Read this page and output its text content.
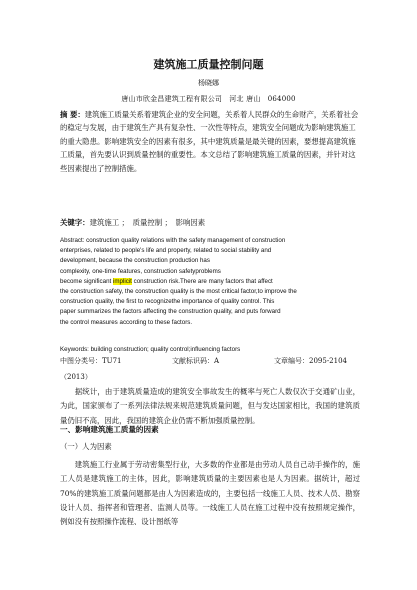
建筑施工质量控制问题
杨晓娜
唐山市欣金昌建筑工程有限公司　河北 唐山　064000
摘 要：建筑施工质量关系着建筑企业的安全问题，关系着人民群众的生命财产，关系着社会的稳定与发展，由于建筑生产具有复杂性、一次性等特点，建筑安全问题成为影响建筑施工的重大隐患。影响建筑安全的因素有很多，其中建筑质量是最关键的因素，要想提高建筑施工质量，首先要认识到质量控制的重要性。本文总结了影响建筑施工质量的因素，并针对这些因素提出了控制措施。
关键字：建筑施工 ；　质量控制 ；　影响因素
Abstract: construction quality relations with the safety management of construction
enterprises, related to people's life and property, related to social stability and
development, because the construction production has
complexity, one-time features, construction safetyproblems
become significant implicit construction risk.There are many factors that affect
the construction safety, the construction quality is the most critical factor,to improve the
construction quality, the first to recognizethe importance of quality control. This
paper summarizes the factors affecting the construction quality, and puts forward
the control measures according to these factors.
Keywords: building construction; quality control;influencing factors
中图分类号：TU71	文献标识码：A	文章编号：2095-2104
（2013）
据统计，由于建筑质量造成的建筑安全事故发生的概率与死亡人数仅次于交通矿山业，为此，国家颁布了一系列法律法规来规范建筑质量问题，但与发达国家相比，我国的建筑质量仍旧不高，因此，我国的建筑企业仍需不断加强质量控制。
一、影响建筑施工质量的因素
（一）人为因素
建筑施工行业属于劳动密集型行业，大多数的作业都是由劳动人员自己动手操作的，施工人员是建筑施工的主体，因此，影响建筑质量的主要因素也是人为因素。据统计，超过70%的建筑施工质量问题都是由人为因素造成的，主要包括一线施工人员、技术人员、勘察设计人员、指挥者和管理者、监测人员等。一线施工人员在施工过程中没有按照规定操作，例如没有按照操作流程、设计图纸等
